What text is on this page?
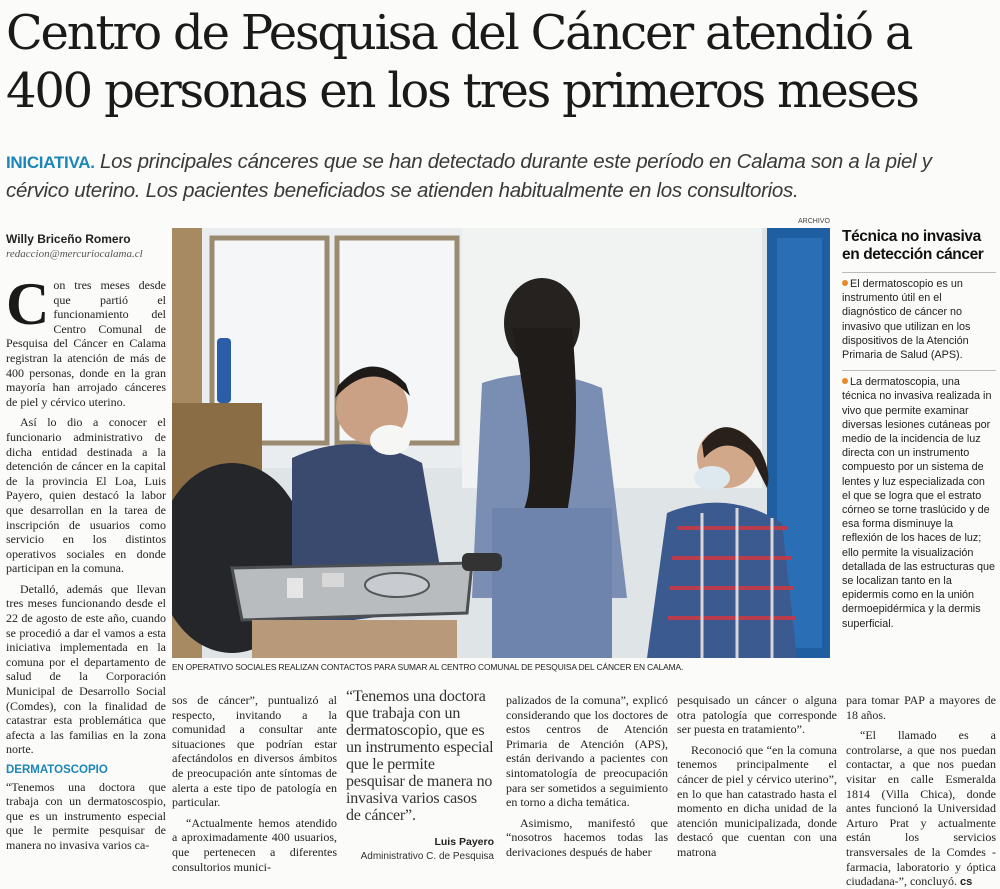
Centro de Pesquisa del Cáncer atendió a
400 personas en los tres primeros meses
INICIATIVA. Los principales cánceres que se han detectado durante este período en Calama son a la piel y cérvico uterino. Los pacientes beneficiados se atienden habitualmente en los consultorios.
Willy Briceño Romero
redaccion@mercuriocalama.cl

Con tres meses desde que partió el funcionamiento del Centro Comunal de Pesquisa del Cáncer en Calama registran la atención de más de 400 personas, donde en la gran mayoría han arrojado cánceres de piel y cérvico uterino.

Así lo dio a conocer el funcionario administrativo de dicha entidad destinada a la detención de cáncer en la capital de la provincia El Loa, Luis Payero, quien destacó la labor que desarrollan en la tarea de inscripción de usuarios como servicio en los distintos operativos sociales en donde participan en la comuna.

Detalló, además que llevan tres meses funcionando desde el 22 de agosto de este año, cuando se procedió a dar el vamos a esta iniciativa implementada en la comuna por el departamento de salud de la Corporación Municipal de Desarrollo Social (Comdes), con la finalidad de catastrar esta problemática que afecta a las familias en la zona norte.

DERMATOSCOPIO

“Tenemos una doctora que trabaja con un dermatoscospio, que es un instrumento especial que le permite pesquisar de manera no invasiva varios ca-

ARCHIVO
EN OPERATIVO SOCIALES REALIZAN CONTACTOS PARA SUMAR AL CENTRO COMUNAL DE PESQUISA DEL CÁNCER EN CALAMA.
Técnica no invasiva en detección cáncer

El dermatoscopio es un instrumento útil en el diagnóstico de cáncer no invasivo que utilizan en los dispositivos de la Atención Primaria de Salud (APS).

La dermatoscopia, una técnica no invasiva realizada in vivo que permite examinar diversas lesiones cutáneas por medio de la incidencia de luz directa con un instrumento compuesto por un sistema de lentes y luz especializada con el que se logra que el estrato córneo se torne traslúcido y de esa forma disminuye la reflexión de los haces de luz; ello permite la visualización detallada de las estructuras que se localizan tanto en la epidermis como en la unión dermoepidérmica y la dermis superficial.

sos de cáncer”, puntualizó al respecto, invitando a la comunidad a consultar ante situaciones que podrían estar afectándolos en diversos ámbitos de preocupación ante síntomas de alerta a este tipo de patología en particular.

“Actualmente hemos atendido a aproximadamente 400 usuarios, que pertenecen a diferentes consultorios munici-

“Tenemos una doctora que trabaja con un dermatoscopio, que es un instrumento especial que le permite pesquisar de manera no invasiva varios casos de cáncer”.
Luis Payero
Administrativo C. de Pesquisa

palizados de la comuna”, explicó considerando que los doctores de estos centros de Atención Primaria de Atención (APS), están derivando a pacientes con sintomatología de preocupación para ser sometidos a seguimiento en torno a dicha temática.

Asimismo, manifestó que “nosotros hacemos todas las derivaciones después de haber

pesquisado un cáncer o alguna otra patología que corresponde ser puesta en tratamiento”.

Reconoció que “en la comuna tenemos principalmente el cáncer de piel y cérvico uterino”, en lo que han catastrado hasta el momento en dicha unidad de la atención municipalizada, donde destacó que cuentan con una matrona

para tomar PAP a mayores de 18 años.

“El llamado es a controlarse, a que nos puedan contactar, a que nos puedan visitar en calle Esmeralda 1814 (Villa Chica), donde antes funcionó la Universidad Arturo Prat y actualmente están los servicios transversales de la Comdes - farmacia, laboratorio y óptica ciudadana-”, concluyó. cs
